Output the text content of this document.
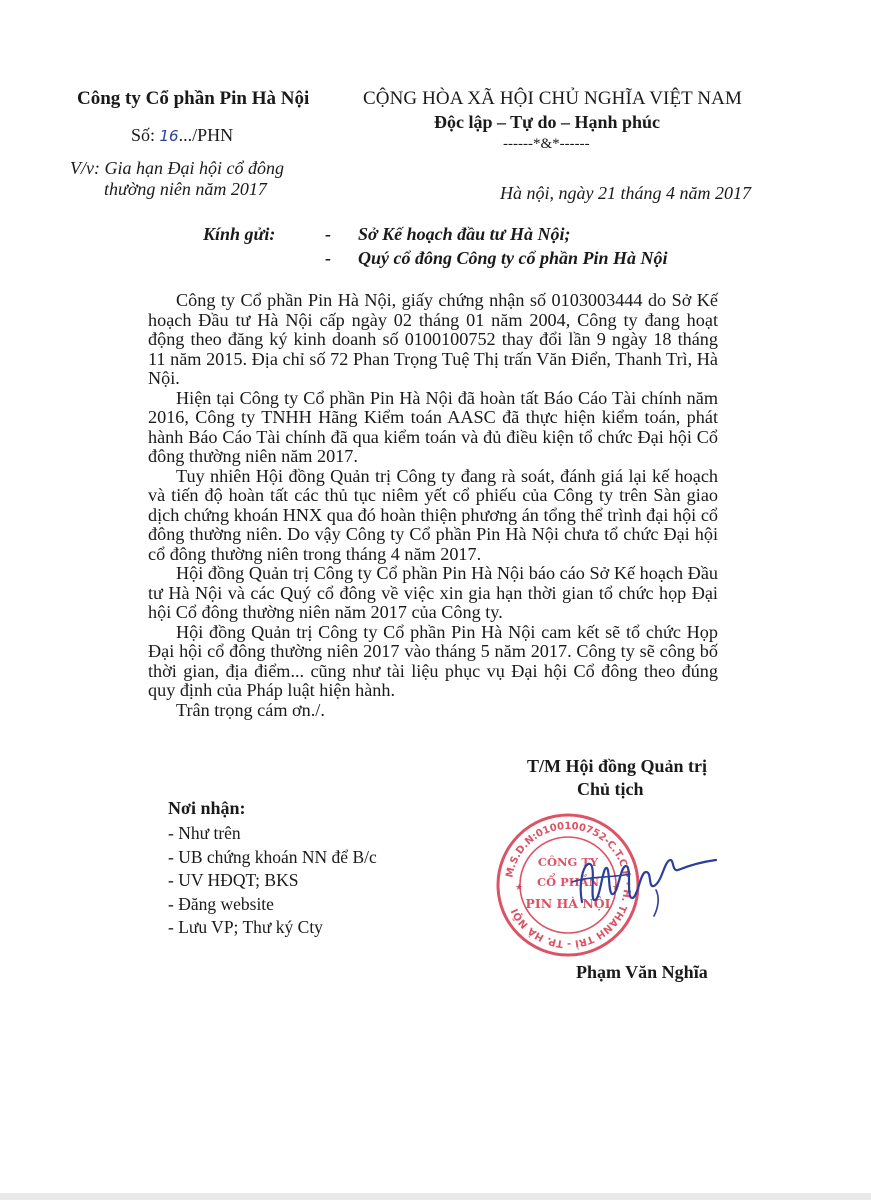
Công ty Cổ phần Pin Hà Nội
Số: 16.../PHN
V/v: Gia hạn Đại hội cổ đông
thường niên năm 2017
CỘNG HÒA XÃ HỘI CHỦ NGHĨA VIỆT NAM
Độc lập – Tự do – Hạnh phúc
------*&*------
Hà nội, ngày 21 tháng 4 năm 2017
Kính gửi:	-      Sở Kế hoạch đầu tư Hà Nội;
-      Quý cổ đông Công ty cổ phần Pin Hà Nội

Công ty Cổ phần Pin Hà Nội, giấy chứng nhận số 0103003444 do Sở Kế hoạch Đầu tư Hà Nội cấp ngày 02 tháng 01 năm 2004, Công ty đang hoạt động theo đăng ký kinh doanh số 0100100752 thay đổi lần 9 ngày 18 tháng 11 năm 2015. Địa chỉ số 72 Phan Trọng Tuệ Thị trấn Văn Điển, Thanh Trì, Hà Nội.

Hiện tại Công ty Cổ phần Pin Hà Nội đã hoàn tất Báo Cáo Tài chính năm 2016, Công ty TNHH Hãng Kiểm toán AASC đã thực hiện kiểm toán, phát hành Báo Cáo Tài chính đã qua kiểm toán và đủ điều kiện tổ chức Đại hội Cổ đông thường niên năm 2017.

Tuy nhiên Hội đồng Quản trị Công ty đang rà soát, đánh giá lại kế hoạch và tiến độ hoàn tất các thủ tục niêm yết cổ phiếu của Công ty trên Sàn giao dịch chứng khoán HNX qua đó hoàn thiện phương án tổng thể trình đại hội cổ đông thường niên. Do vậy Công ty Cổ phần Pin Hà Nội chưa tổ chức Đại hội cổ đông thường niên trong tháng 4 năm 2017.

Hội đồng Quản trị Công ty Cổ phần Pin Hà Nội báo cáo Sở Kế hoạch Đầu tư Hà Nội và các Quý cổ đông về việc xin gia hạn thời gian tổ chức họp Đại hội Cổ đông thường niên năm 2017 của Công ty.

Hội đồng Quản trị Công ty Cổ phần Pin Hà Nội cam kết sẽ tổ chức Họp Đại hội cổ đông thường niên 2017 vào tháng 5 năm 2017. Công ty sẽ công bố thời gian, địa điểm... cũng như tài liệu phục vụ Đại hội Cổ đông theo đúng quy định của Pháp luật hiện hành.

Trân trọng cám ơn./.

T/M Hội đồng Quản trị
Chủ tịch
Nơi nhận:
- Như trên
- UB chứng khoán NN để B/c
- UV HĐQT; BKS
- Đăng website
- Lưu VP; Thư ký Cty
M.S.D.N:0100100752-C.T.C.P · H. THANH TRÌ - TP. HÀ NỘI
CÔNG TY
CỔ PHẦN
PIN HÀ NỘI
★	★
Phạm Văn Nghĩa
